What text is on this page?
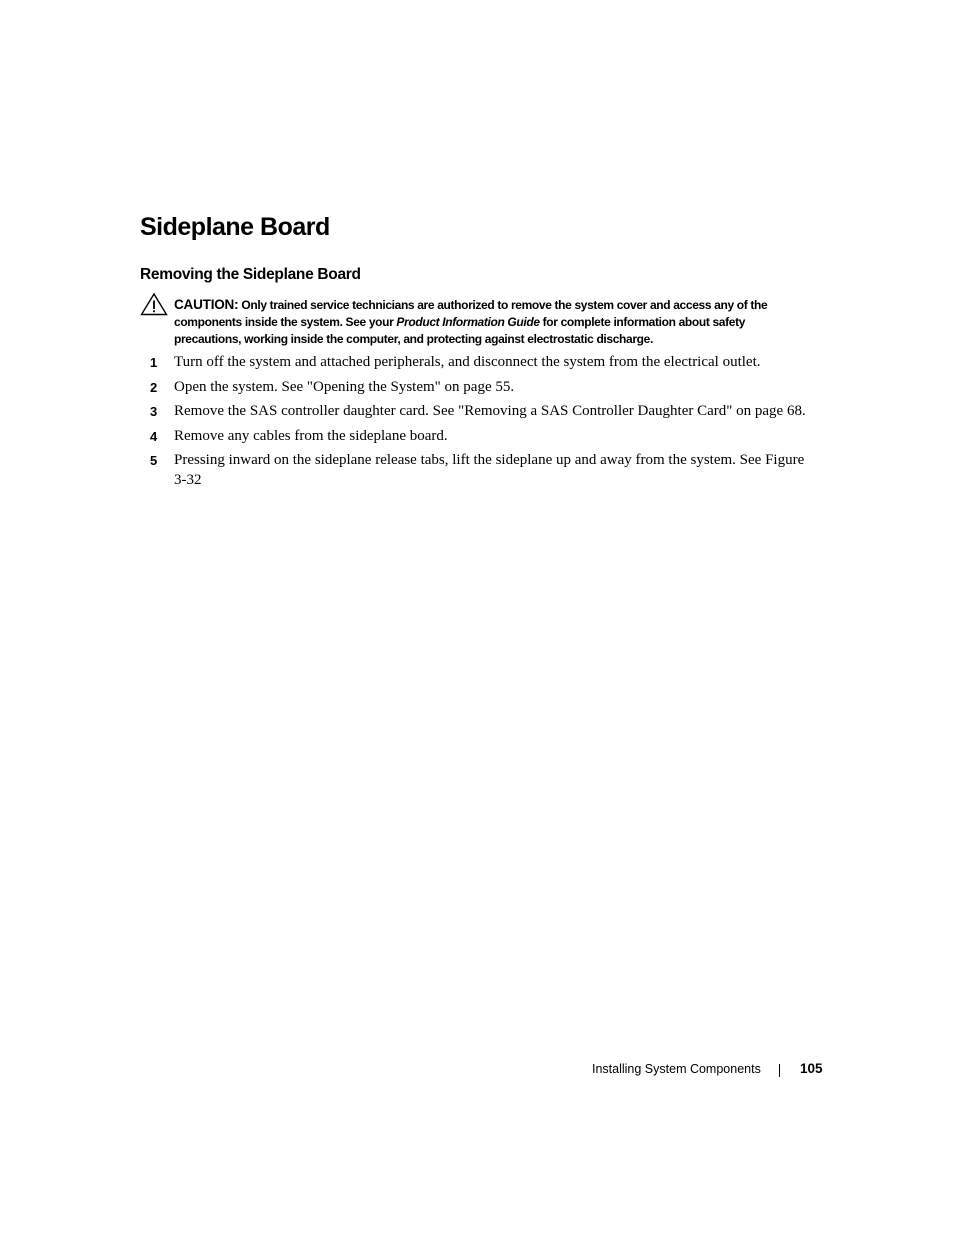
Sideplane Board
Removing the Sideplane Board
CAUTION: Only trained service technicians are authorized to remove the system cover and access any of the
components inside the system. See your Product Information Guide for complete information about safety
precautions, working inside the computer, and protecting against electrostatic discharge.
1 Turn off the system and attached peripherals, and disconnect the system from the electrical outlet.
2 Open the system. See "Opening the System" on page 55.
3 Remove the SAS controller daughter card. See "Removing a SAS Controller Daughter Card" on page 68.
4 Remove any cables from the sideplane board.
5 Pressing inward on the sideplane release tabs, lift the sideplane up and away from the system. See Figure 3-32
Installing System Components	105
